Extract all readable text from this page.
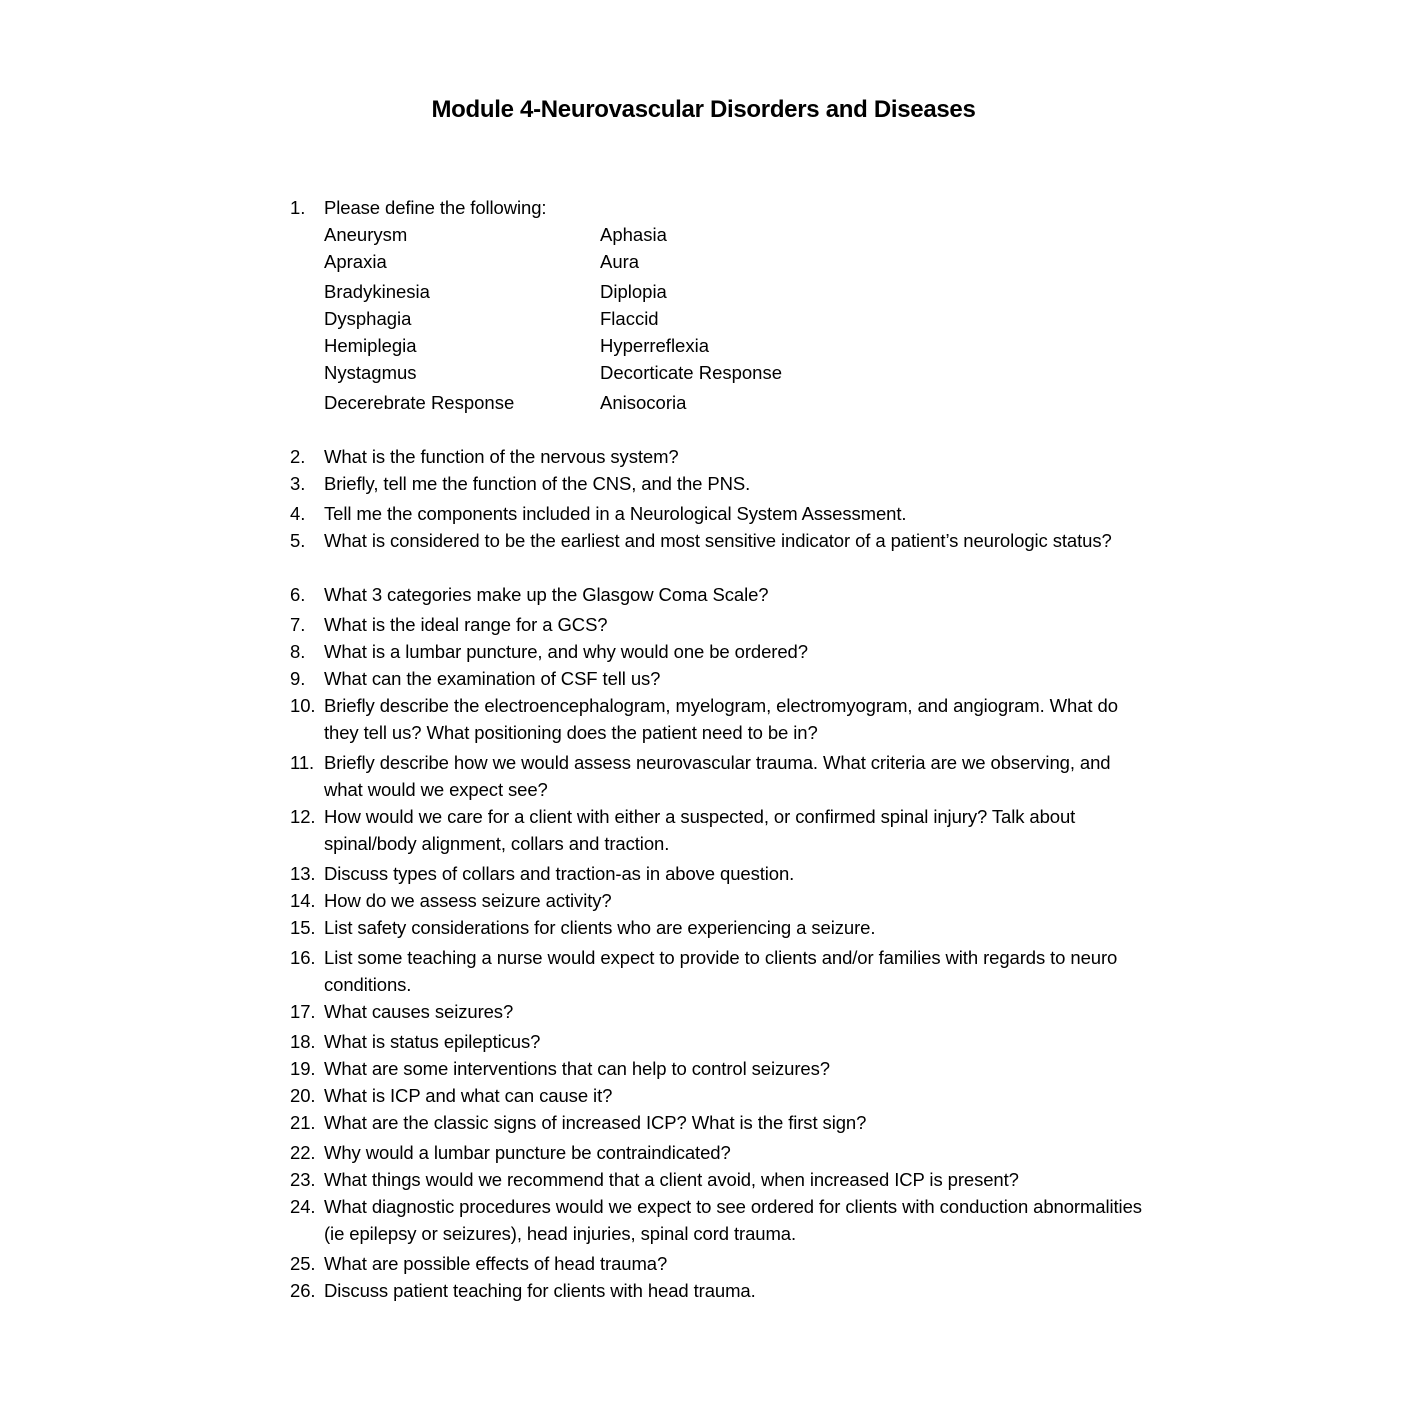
Module 4-Neurovascular Disorders and Diseases
1. Please define the following:
Aneurysm	Aphasia
Apraxia	Aura
Bradykinesia	Diplopia
Dysphagia	Flaccid
Hemiplegia	Hyperreflexia
Nystagmus	Decorticate Response
Decerebrate Response	Anisocoria
2. What is the function of the nervous system?
3. Briefly, tell me the function of the CNS, and the PNS.
4. Tell me the components included in a Neurological System Assessment.
5. What is considered to be the earliest and most sensitive indicator of a patient’s neurologic status?
6. What 3 categories make up the Glasgow Coma Scale?
7. What is the ideal range for a GCS?
8. What is a lumbar puncture, and why would one be ordered?
9. What can the examination of CSF tell us?
10. Briefly describe the electroencephalogram, myelogram, electromyogram, and angiogram. What do they tell us? What positioning does the patient need to be in?
11. Briefly describe how we would assess neurovascular trauma. What criteria are we observing, and what would we expect see?
12. How would we care for a client with either a suspected, or confirmed spinal injury? Talk about spinal/body alignment, collars and traction.
13. Discuss types of collars and traction-as in above question.
14. How do we assess seizure activity?
15. List safety considerations for clients who are experiencing a seizure.
16. List some teaching a nurse would expect to provide to clients and/or families with regards to neuro conditions.
17. What causes seizures?
18. What is status epilepticus?
19. What are some interventions that can help to control seizures?
20. What is ICP and what can cause it?
21. What are the classic signs of increased ICP? What is the first sign?
22. Why would a lumbar puncture be contraindicated?
23. What things would we recommend that a client avoid, when increased ICP is present?
24. What diagnostic procedures would we expect to see ordered for clients with conduction abnormalities (ie epilepsy or seizures), head injuries, spinal cord trauma.
25. What are possible effects of head trauma?
26. Discuss patient teaching for clients with head trauma.
